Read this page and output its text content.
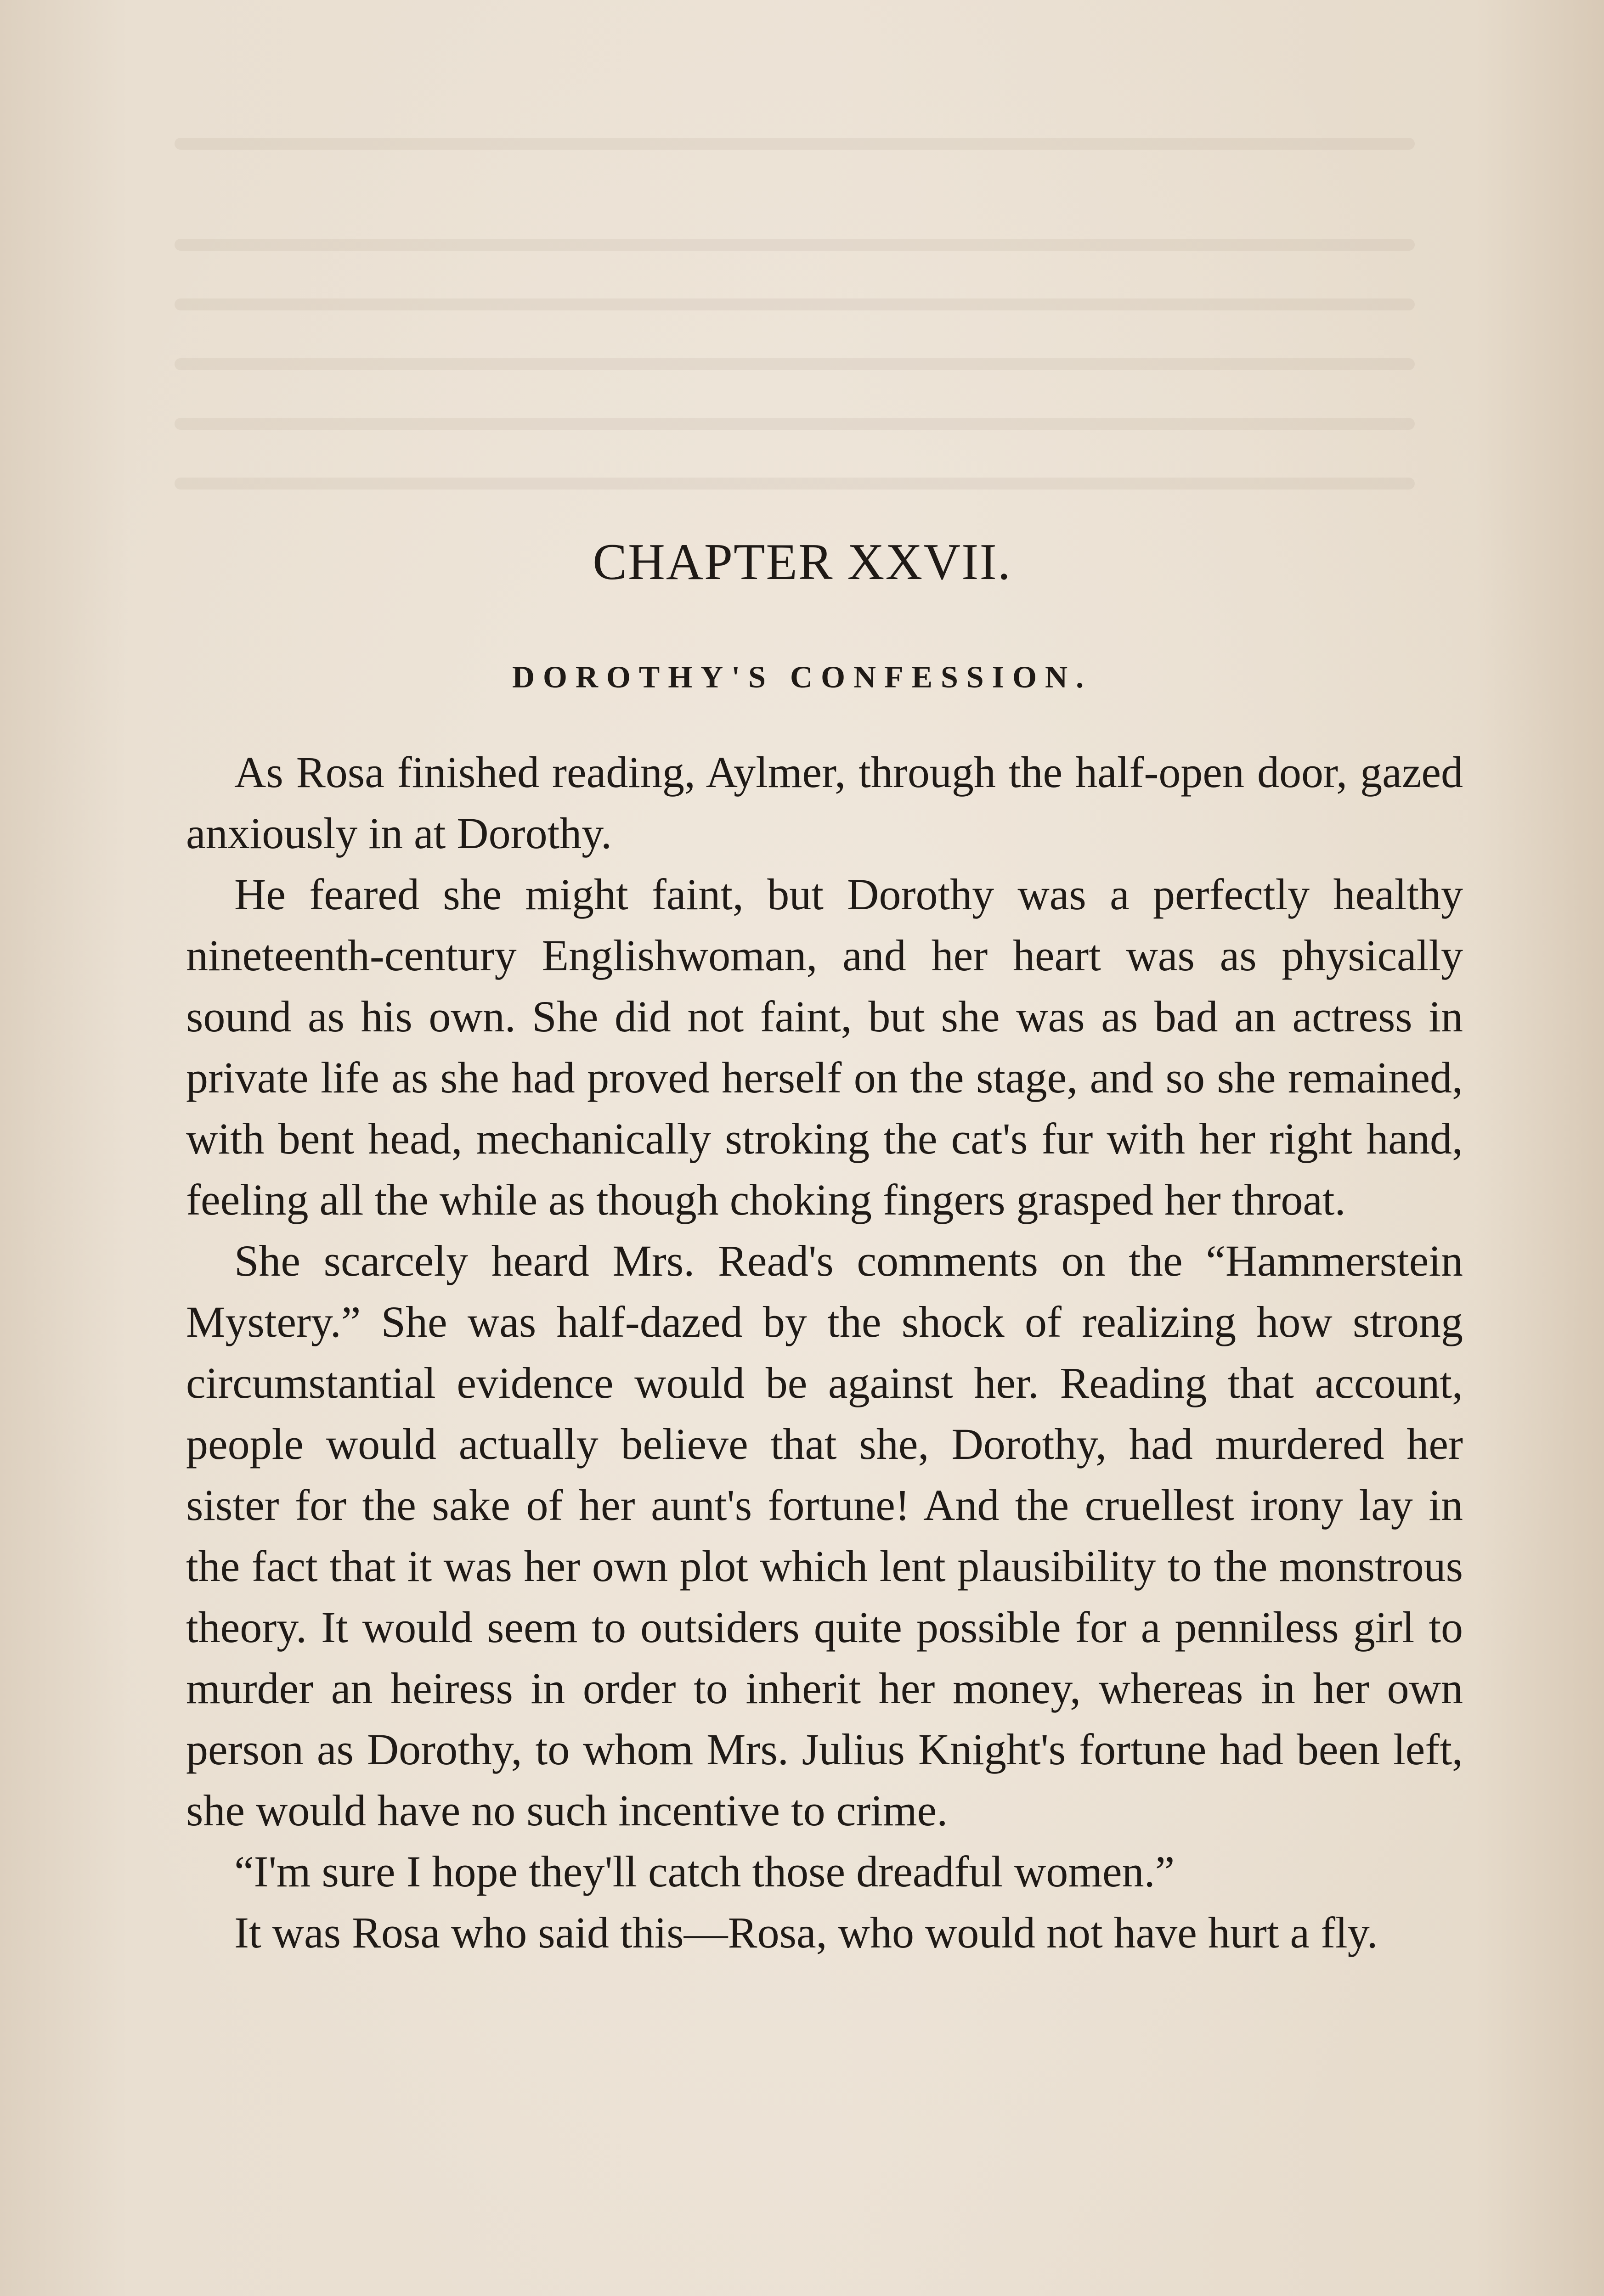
CHAPTER XXVII.
DOROTHY'S CONFESSION.

As Rosa finished reading, Aylmer, through the half-open door, gazed anxiously in at Dorothy.

He feared she might faint, but Dorothy was a perfectly healthy nineteenth-century Englishwoman, and her heart was as physically sound as his own. She did not faint, but she was as bad an actress in private life as she had proved herself on the stage, and so she remained, with bent head, mechanically stroking the cat's fur with her right hand, feeling all the while as though choking fingers grasped her throat.

She scarcely heard Mrs. Read's comments on the “Hammerstein Mystery.” She was half-dazed by the shock of realizing how strong circumstantial evidence would be against her. Reading that account, people would actually believe that she, Dorothy, had murdered her sister for the sake of her aunt's fortune! And the cruellest irony lay in the fact that it was her own plot which lent plausibility to the monstrous theory. It would seem to outsiders quite possible for a penniless girl to murder an heiress in order to inherit her money, whereas in her own person as Dorothy, to whom Mrs. Julius Knight's fortune had been left, she would have no such incentive to crime.

“I'm sure I hope they'll catch those dreadful women.”

It was Rosa who said this—Rosa, who would not have hurt a fly.
